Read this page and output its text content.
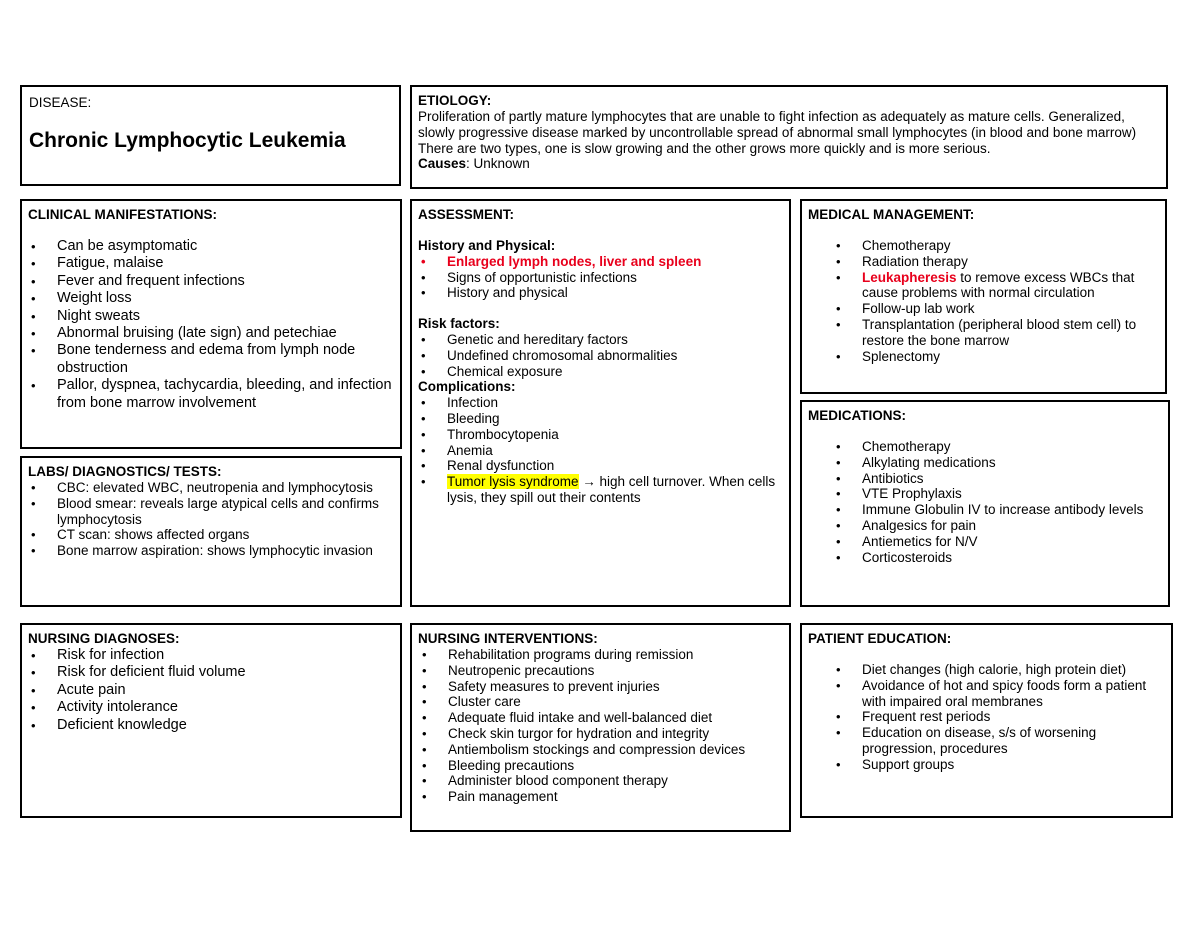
DISEASE:
Chronic Lymphocytic Leukemia
ETIOLOGY:
Proliferation of partly mature lymphocytes that are unable to fight infection as adequately as mature cells. Generalized, slowly progressive disease marked by uncontrollable spread of abnormal small lymphocytes (in blood and bone marrow) There are two types, one is slow growing and the other grows more quickly and is more serious.
Causes: Unknown
CLINICAL MANIFESTATIONS:
• Can be asymptomatic
• Fatigue, malaise
• Fever and frequent infections
• Weight loss
• Night sweats
• Abnormal bruising (late sign) and petechiae
• Bone tenderness and edema from lymph node obstruction
• Pallor, dyspnea, tachycardia, bleeding, and infection from bone marrow involvement
LABS/ DIAGNOSTICS/ TESTS:
• CBC: elevated WBC, neutropenia and lymphocytosis
• Blood smear: reveals large atypical cells and confirms lymphocytosis
• CT scan: shows affected organs
• Bone marrow aspiration: shows lymphocytic invasion
ASSESSMENT:
History and Physical:
• Enlarged lymph nodes, liver and spleen
• Signs of opportunistic infections
• History and physical
Risk factors:
• Genetic and hereditary factors
• Undefined chromosomal abnormalities
• Chemical exposure
Complications:
• Infection
• Bleeding
• Thrombocytopenia
• Anemia
• Renal dysfunction
• Tumor lysis syndrome → high cell turnover. When cells lysis, they spill out their contents
MEDICAL MANAGEMENT:
• Chemotherapy
• Radiation therapy
• Leukapheresis to remove excess WBCs that cause problems with normal circulation
• Follow-up lab work
• Transplantation (peripheral blood stem cell) to restore the bone marrow
• Splenectomy
MEDICATIONS:
• Chemotherapy
• Alkylating medications
• Antibiotics
• VTE Prophylaxis
• Immune Globulin IV to increase antibody levels
• Analgesics for pain
• Antiemetics for N/V
• Corticosteroids
NURSING DIAGNOSES:
• Risk for infection
• Risk for deficient fluid volume
• Acute pain
• Activity intolerance
• Deficient knowledge
NURSING INTERVENTIONS:
• Rehabilitation programs during remission
• Neutropenic precautions
• Safety measures to prevent injuries
• Cluster care
• Adequate fluid intake and well-balanced diet
• Check skin turgor for hydration and integrity
• Antiembolism stockings and compression devices
• Bleeding precautions
• Administer blood component therapy
• Pain management
PATIENT EDUCATION:
• Diet changes (high calorie, high protein diet)
• Avoidance of hot and spicy foods form a patient with impaired oral membranes
• Frequent rest periods
• Education on disease, s/s of worsening progression, procedures
• Support groups
